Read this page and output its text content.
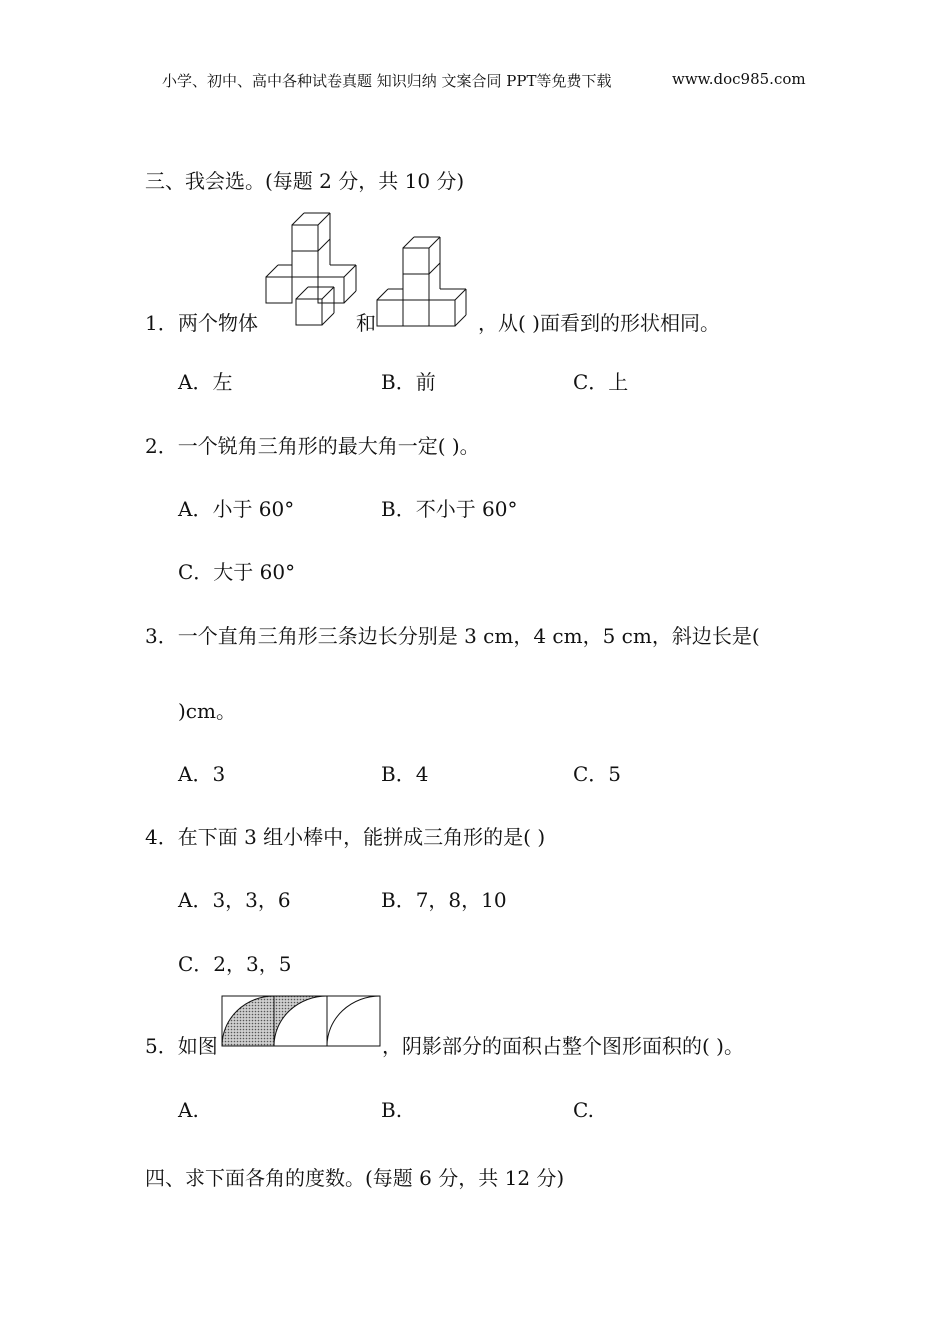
小学、初中、高中各种试卷真题 知识归纳 文案合同 PPT等免费下载	www.doc985.com
三、我会选。(每题 2 分，共 10 分)
1． 两个物体	和	，从( )面看到的形状相同。
A．左	B．前	C．上
2．一个锐角三角形的最大角一定( )。
A．小于 60°	B．不小于 60°
C．大于 60°
3．一个直角三角形三条边长分别是 3 cm，4 cm，5 cm，斜边长是(
)cm。
A．3	B．4	C．5
4．在下面 3 组小棒中，能拼成三角形的是( )
A．3，3，6	B．7，8，10
C．2，3，5
5．如图	，阴影部分的面积占整个图形面积的( )。
A.	B.	C.
四、求下面各角的度数。(每题 6 分，共 12 分)
